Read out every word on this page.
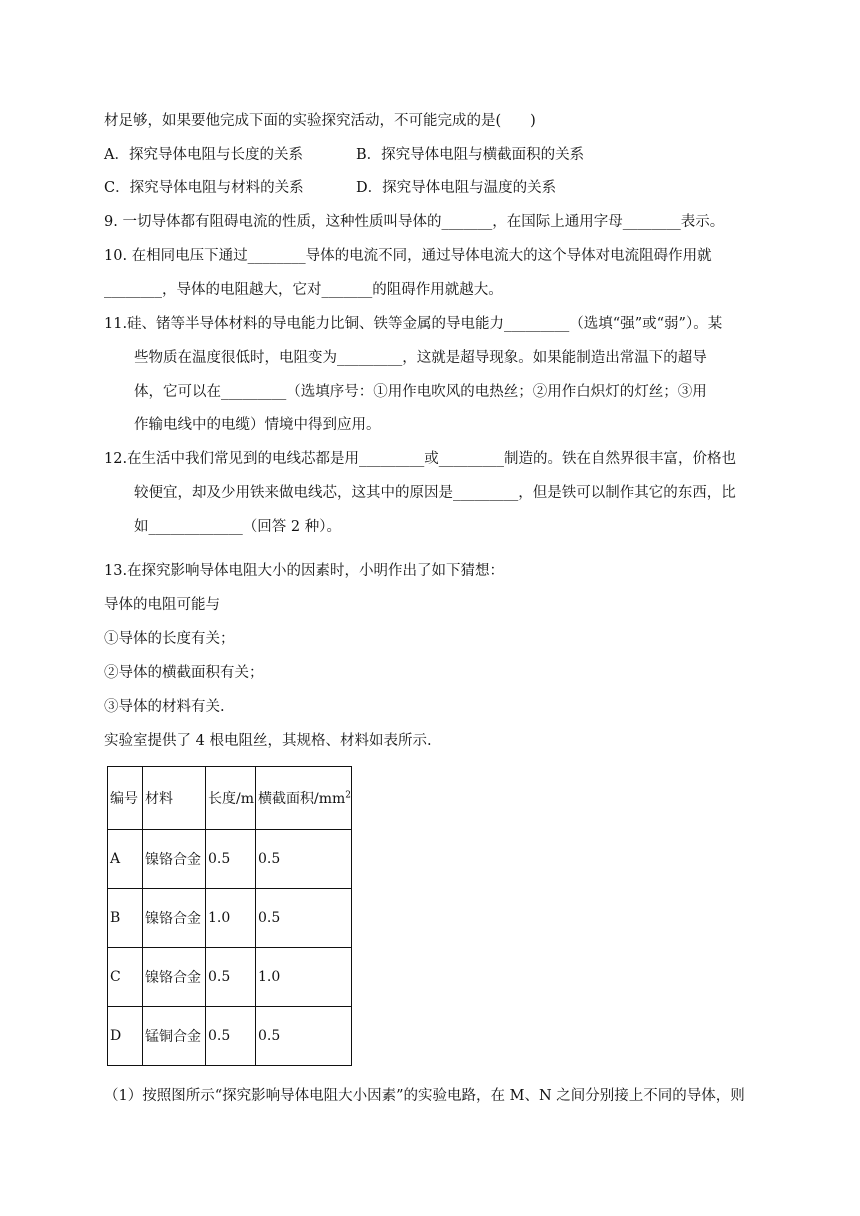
材足够，如果要他完成下面的实验探究活动，不可能完成的是(　　)
A．探究导体电阻与长度的关系	B．探究导体电阻与横截面积的关系
C．探究导体电阻与材料的关系	D．探究导体电阻与温度的关系
9. 一切导体都有阻碍电流的性质，这种性质叫导体的_______，在国际上通用字母________表示。
10. 在相同电压下通过________导体的电流不同，通过导体电流大的这个导体对电流阻碍作用就
________，导体的电阻越大，它对_______的阻碍作用就越大。
11.硅、锗等半导体材料的导电能力比铜、铁等金属的导电能力_________（选填“强”或“弱”）。某
些物质在温度很低时，电阻变为_________，这就是超导现象。如果能制造出常温下的超导
体，它可以在_________（选填序号：①用作电吹风的电热丝；②用作白炽灯的灯丝；③用
作输电线中的电缆）情境中得到应用。
12.在生活中我们常见到的电线芯都是用_________或_________制造的。铁在自然界很丰富，价格也
较便宜，却及少用铁来做电线芯，这其中的原因是_________，但是铁可以制作其它的东西，比
如_____________（回答 2 种）。
13.在探究影响导体电阻大小的因素时，小明作出了如下猜想：
导体的电阻可能与
①导体的长度有关；
②导体的横截面积有关；
③导体的材料有关.
实验室提供了 4 根电阻丝，其规格、材料如表所示.
编号	材料	长度/m	横截面积$/mm^2$
A	镍铬合金	0.5	0.5
B	镍铬合金	1.0	0.5
C	镍铬合金	0.5	1.0
D	锰铜合金	0.5	0.5
（1）按照图所示“探究影响导体电阻大小因素”的实验电路，在 M、N 之间分别接上不同的导体，则
